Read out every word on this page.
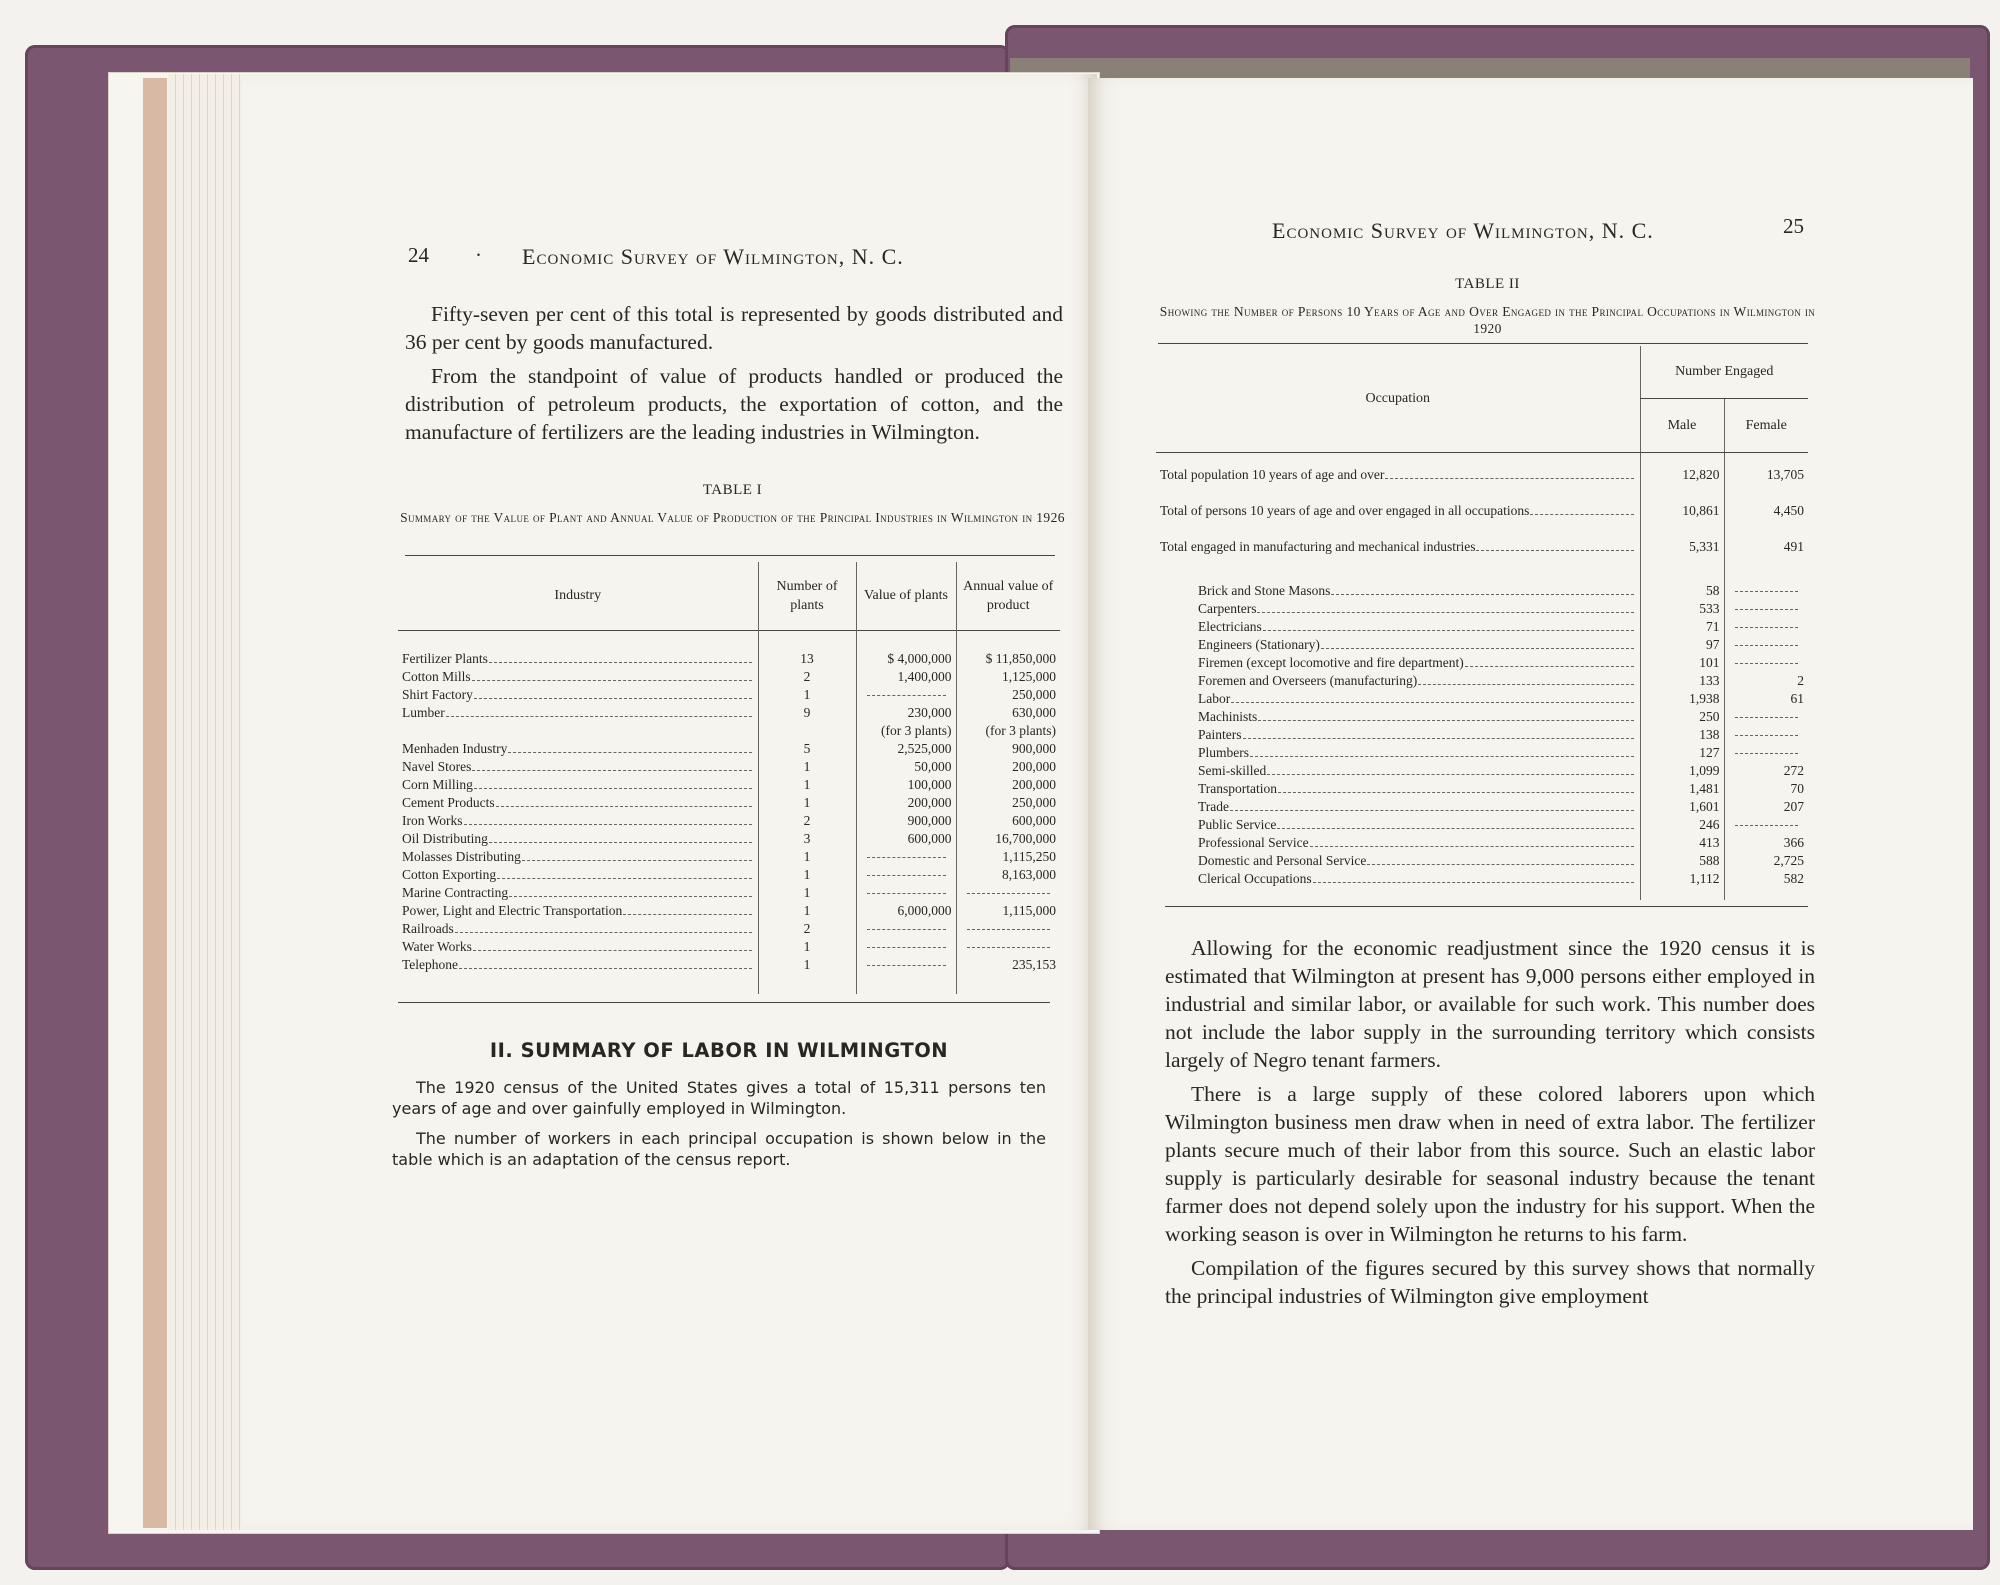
24 · Economic Survey of Wilmington, N. C.

Fifty-seven per cent of this total is represented by goods distributed and 36 per cent by goods manufactured.

From the standpoint of value of products handled or produced the distribution of petroleum products, the exportation of cotton, and the manufacture of fertilizers are the leading industries in Wilmington.

TABLE I
Summary of the Value of Plant and Annual Value of Production of the Principal Industries in Wilmington in 1926
Industry	Number of plants	Value of plants	Annual value of product

Fertilizer Plants	13	$ 4,000,000	$ 11,850,000

Cotton Mills	2	1,400,000	1,125,000

Shirt Factory	1		250,000

Lumber	9	230,000	630,000
		(for 3 plants)	(for 3 plants)

Menhaden Industry	5	2,525,000	900,000

Navel Stores	1	50,000	200,000

Corn Milling	1	100,000	200,000

Cement Products	1	200,000	250,000

Iron Works	2	900,000	600,000

Oil Distributing	3	600,000	16,700,000

Molasses Distributing	1		1,115,250

Cotton Exporting	1		8,163,000

Marine Contracting	1	

Power, Light and Electric Transportation	1	6,000,000	1,115,000

Railroads	2	

Water Works	1	

Telephone	1		235,153

II. SUMMARY OF LABOR IN WILMINGTON

The 1920 census of the United States gives a total of 15,311 persons ten years of age and over gainfully employed in Wilmington.

The number of workers in each principal occupation is shown below in the table which is an adaptation of the census report.

Economic Survey of Wilmington, N. C.	25
TABLE II
Showing the Number of Persons 10 Years of Age and Over Engaged in the Principal Occupations in Wilmington in 1920
Occupation	Number Engaged	
	Male	Female

Total population 10 years of age and over	12,820	13,705

Total of persons 10 years of age and over engaged in all occupations	10,861	4,450

Total engaged in manufacturing and mechanical industries	5,331	491

Brick and Stone Masons	58	

Carpenters	533	

Electricians	71	

Engineers (Stationary)	97	

Firemen (except locomotive and fire department)	101	

Foremen and Overseers (manufacturing)	133	2

Labor	1,938	61

Machinists	250	

Painters	138	

Plumbers	127	

Semi-skilled	1,099	272

Transportation	1,481	70

Trade	1,601	207

Public Service	246	

Professional Service	413	366

Domestic and Personal Service	588	2,725

Clerical Occupations	1,112	582

Allowing for the economic readjustment since the 1920 census it is estimated that Wilmington at present has 9,000 persons either employed in industrial and similar labor, or available for such work. This number does not include the labor supply in the surrounding territory which consists largely of Negro tenant farmers.

There is a large supply of these colored laborers upon which Wilmington business men draw when in need of extra labor. The fertilizer plants secure much of their labor from this source. Such an elastic labor supply is particularly desirable for seasonal industry because the tenant farmer does not depend solely upon the industry for his support. When the working season is over in Wilmington he returns to his farm.

Compilation of the figures secured by this survey shows that normally the principal industries of Wilmington give employment
